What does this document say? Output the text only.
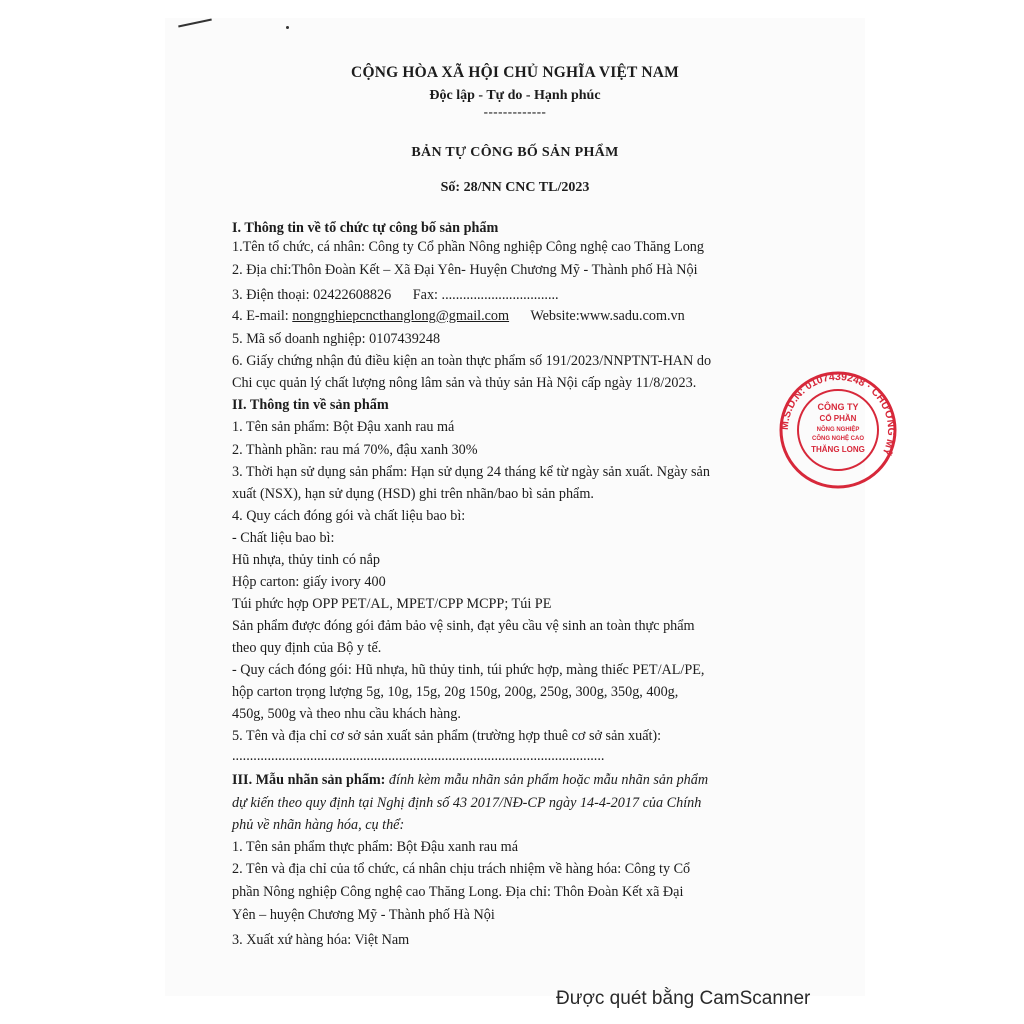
CỘNG HÒA XÃ HỘI CHỦ NGHĨA VIỆT NAM
Độc lập - Tự do - Hạnh phúc
-------------
BẢN TỰ CÔNG BỐ SẢN PHẨM
Số: 28/NN CNC TL/2023
I. Thông tin về tổ chức tự công bố sản phẩm
1.Tên tổ chức, cá nhân: Công ty Cổ phần Nông nghiệp Công nghệ cao Thăng Long
2. Địa chỉ:Thôn Đoàn Kết – Xã Đại Yên- Huyện Chương Mỹ - Thành phố Hà Nội
3. Điện thoại: 02422608826 Fax: .................................
4. E-mail: nongnghiepcncthanglong@gmail.com Website:www.sadu.com.vn
5. Mã số doanh nghiệp: 0107439248
6. Giấy chứng nhận đủ điều kiện an toàn thực phẩm số 191/2023/NNPTNT-HAN do
Chi cục quản lý chất lượng nông lâm sản và thủy sản Hà Nội cấp ngày 11/8/2023.
II. Thông tin về sản phẩm
1. Tên sản phẩm: Bột Đậu xanh rau má
2. Thành phần: rau má 70%, đậu xanh 30%
3. Thời hạn sử dụng sản phẩm: Hạn sử dụng 24 tháng kể từ ngày sản xuất. Ngày sản
xuất (NSX), hạn sử dụng (HSD) ghi trên nhãn/bao bì sản phẩm.
4. Quy cách đóng gói và chất liệu bao bì:
- Chất liệu bao bì:
Hũ nhựa, thủy tinh có nắp
Hộp carton: giấy ivory 400
Túi phức hợp OPP PET/AL, MPET/CPP MCPP; Túi PE
Sản phẩm được đóng gói đảm bảo vệ sinh, đạt yêu cầu vệ sinh an toàn thực phẩm
theo quy định của Bộ y tế.
- Quy cách đóng gói: Hũ nhựa, hũ thủy tinh, túi phức hợp, màng thiếc PET/AL/PE,
hộp carton trọng lượng 5g, 10g, 15g, 20g 150g, 200g, 250g, 300g, 350g, 400g,
450g, 500g và theo nhu cầu khách hàng.
5. Tên và địa chỉ cơ sở sản xuất sản phẩm (trường hợp thuê cơ sở sản xuất):
.........................................................................................................
III. Mẫu nhãn sản phẩm: đính kèm mẫu nhãn sản phẩm hoặc mẫu nhãn sản phẩm
dự kiến theo quy định tại Nghị định số 43 2017/NĐ-CP ngày 14-4-2017 của Chính
phủ về nhãn hàng hóa, cụ thể:
1. Tên sản phẩm thực phẩm: Bột Đậu xanh rau má
2. Tên và địa chỉ của tổ chức, cá nhân chịu trách nhiệm về hàng hóa: Công ty Cổ
phần Nông nghiệp Công nghệ cao Thăng Long. Địa chỉ: Thôn Đoàn Kết xã Đại
Yên – huyện Chương Mỹ - Thành phố Hà Nội
3. Xuất xứ hàng hóa: Việt Nam
M.S.D.N: 0107439248 · CHƯƠNG MỸ
CÔNG TY
CỔ PHẦN
NÔNG NGHIỆP
CÔNG NGHỆ CAO
THĂNG LONG
Được quét bằng CamScanner
